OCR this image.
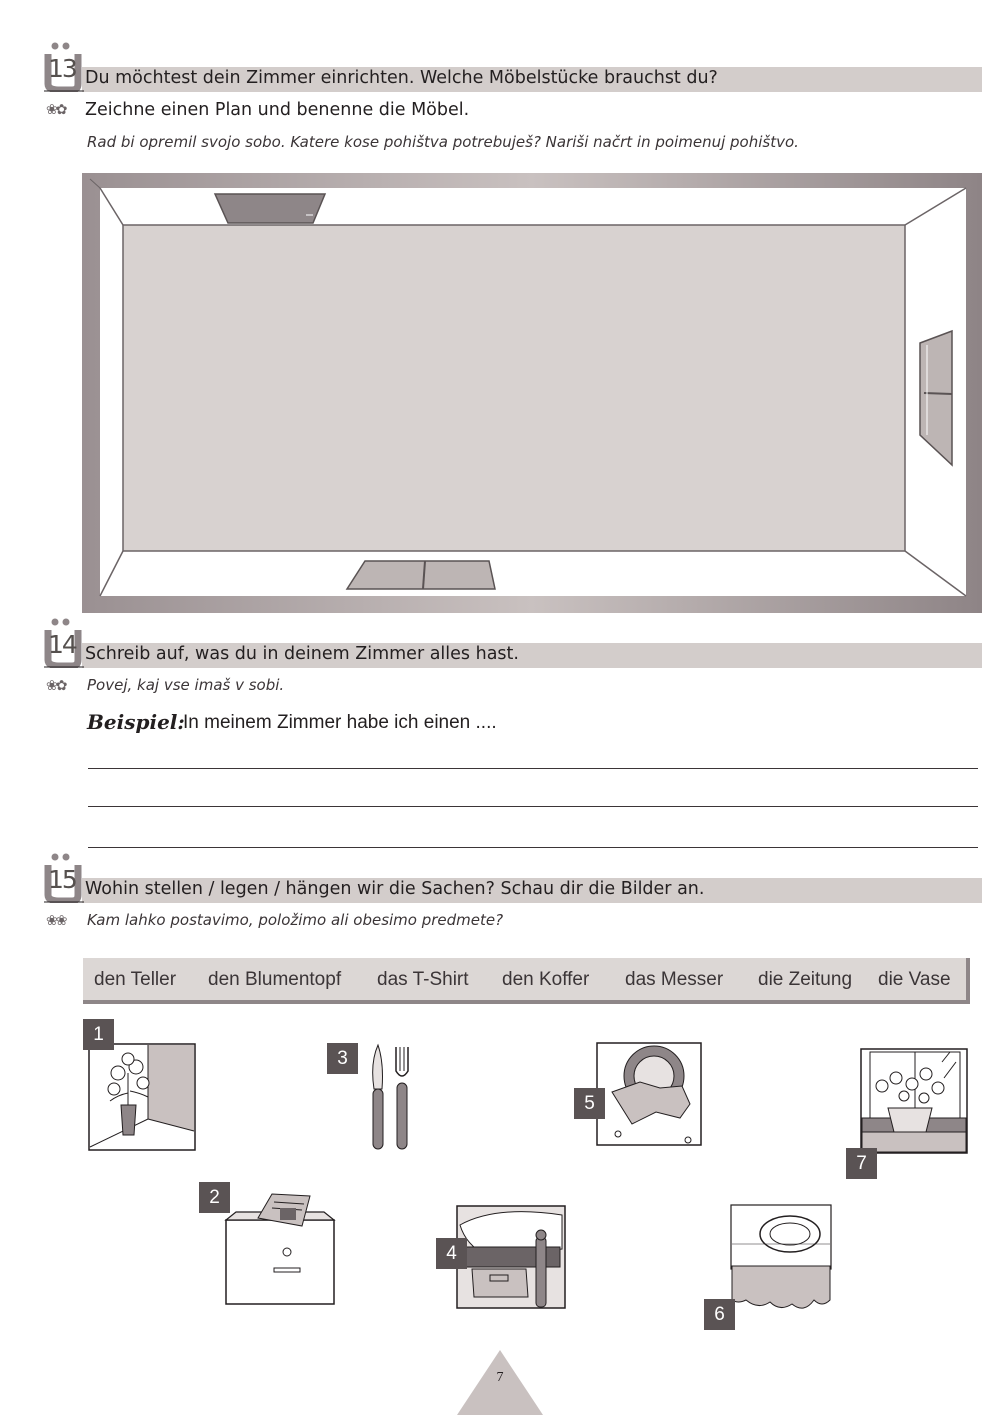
13 Du möchtest dein Zimmer einrichten. Welche Möbelstücke brauchst du?
❀✿ Zeichne einen Plan und benenne die Möbel.
Rad bi opremil svojo sobo. Katere kose pohištva potrebuješ? Nariši načrt in poimenuj pohištvo.
14 Schreib auf, was du in deinem Zimmer alles hast.
❀✿ Povej, kaj vse imaš v sobi.
Beispiel:
In meinem Zimmer habe ich einen ....
15 Wohin stellen / legen / hängen wir die Sachen? Schau dir die Bilder an.
❀❀ Kam lahko postavimo, položimo ali obesimo predmete?
den Teller den Blumentopf das T-Shirt den Koffer das Messer die Zeitung die Vase
1
2
3
4
5
6
7
7
